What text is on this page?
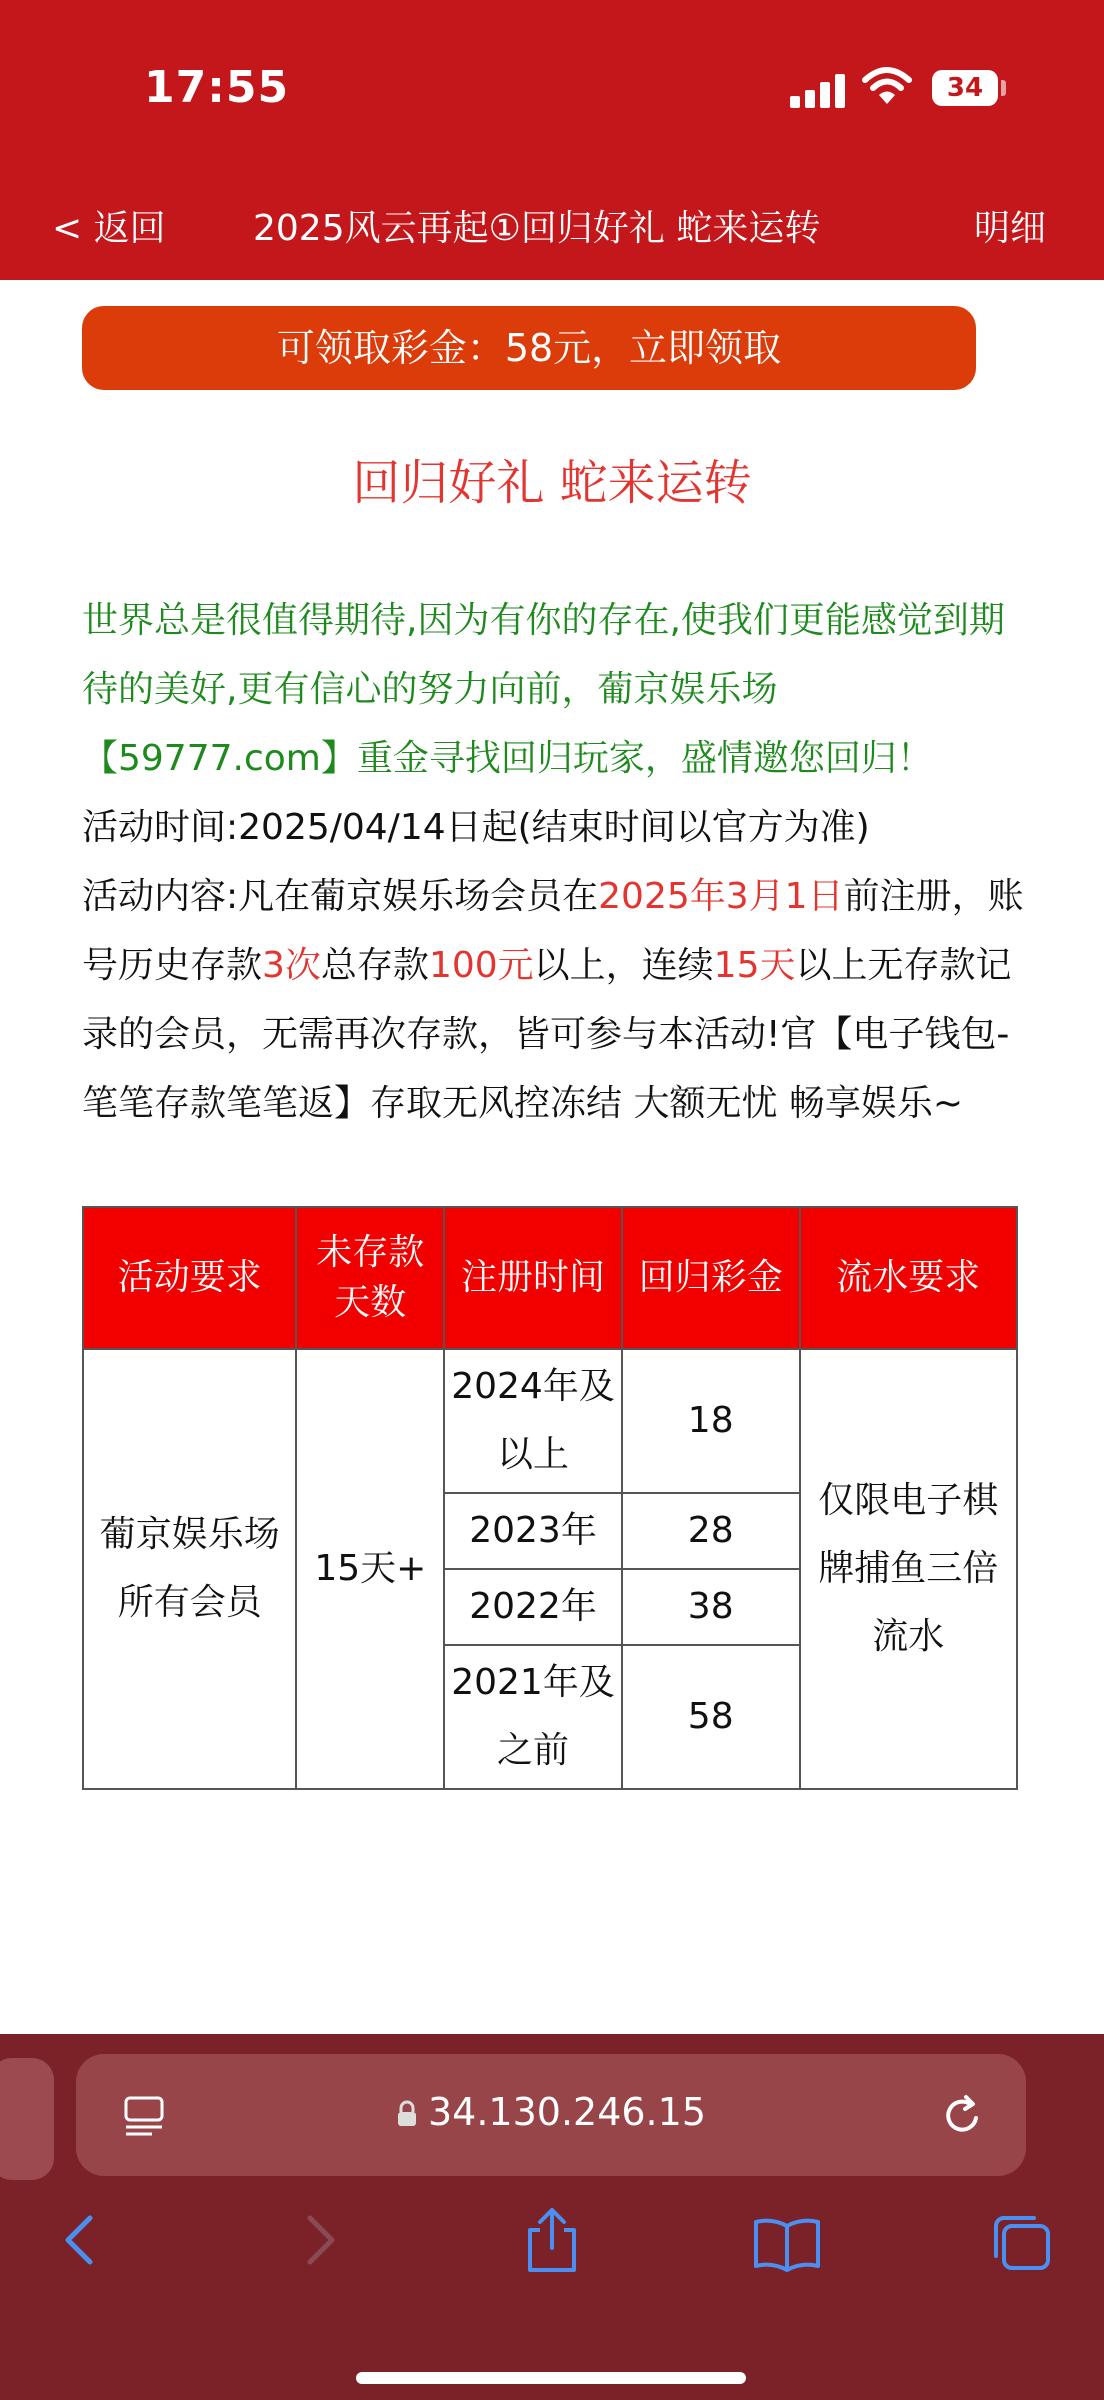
17:55	34
< 返回 2025风云再起①回归好礼 蛇来运转	明细
可领取彩金：58元，立即领取
回归好礼 蛇来运转

世界总是很值得期待,因为有你的存在,使我们更能感觉到期待的美好,更有信心的努力向前，葡京娱乐场【59777.com】重金寻找回归玩家，盛情邀您回归！

活动时间:2025/04/14日起(结束时间以官方为准)

活动内容:凡在葡京娱乐场会员在2025年3月1日前注册，账号历史存款3次总存款100元以上，连续15天以上无存款记录的会员，无需再次存款，皆可参与本活动!官【电子钱包-笔笔存款笔笔返】存取无风控冻结 大额无忧 畅享娱乐~

活动要求	未存款天数	注册时间	回归彩金	流水要求
葡京娱乐场所有会员	15天+	2024年及以上	18	仅限电子棋牌捕鱼三倍流水
		2023年	28	
		2022年	38	
		2021年及之前	58	
34.130.246.15
